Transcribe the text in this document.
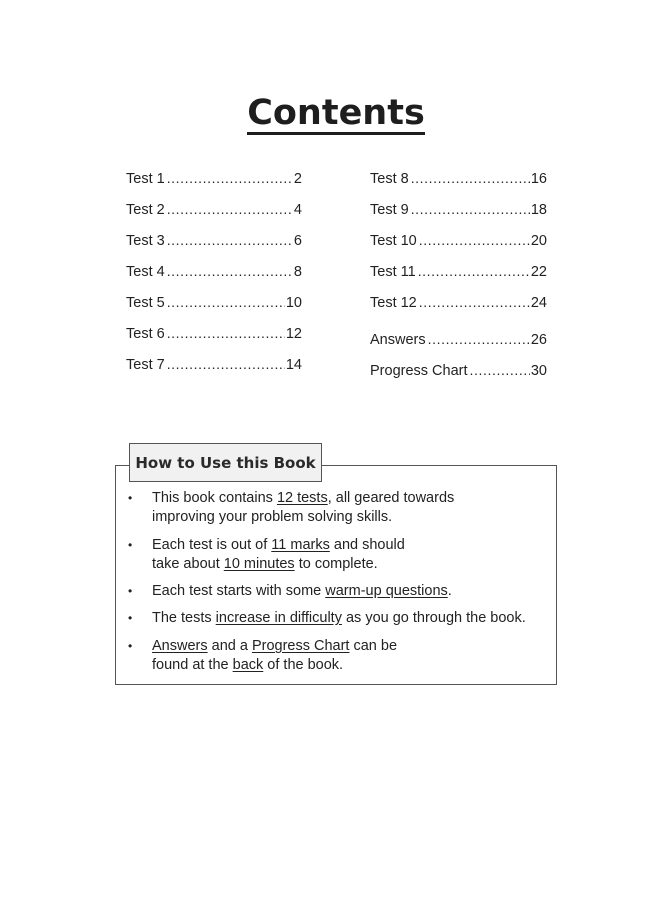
Contents
Test 1 .....	2
Test 2 .....	4
Test 3 .....	6
Test 4 .....	8
Test 5 .....	10
Test 6 .....	12
Test 7 .....	14
Test 8 .....	16
Test 9 .....	18
Test 10 .....	20
Test 11 .....	22
Test 12 .....	24
Answers .....	26
Progress Chart .....	30
How to Use this Book
• This book contains 12 tests, all geared towards
improving your problem solving skills.
• Each test is out of 11 marks and should
take about 10 minutes to complete.
• Each test starts with some warm-up questions.
• The tests increase in difficulty as you go through the book.
• Answers and a Progress Chart can be
found at the back of the book.
